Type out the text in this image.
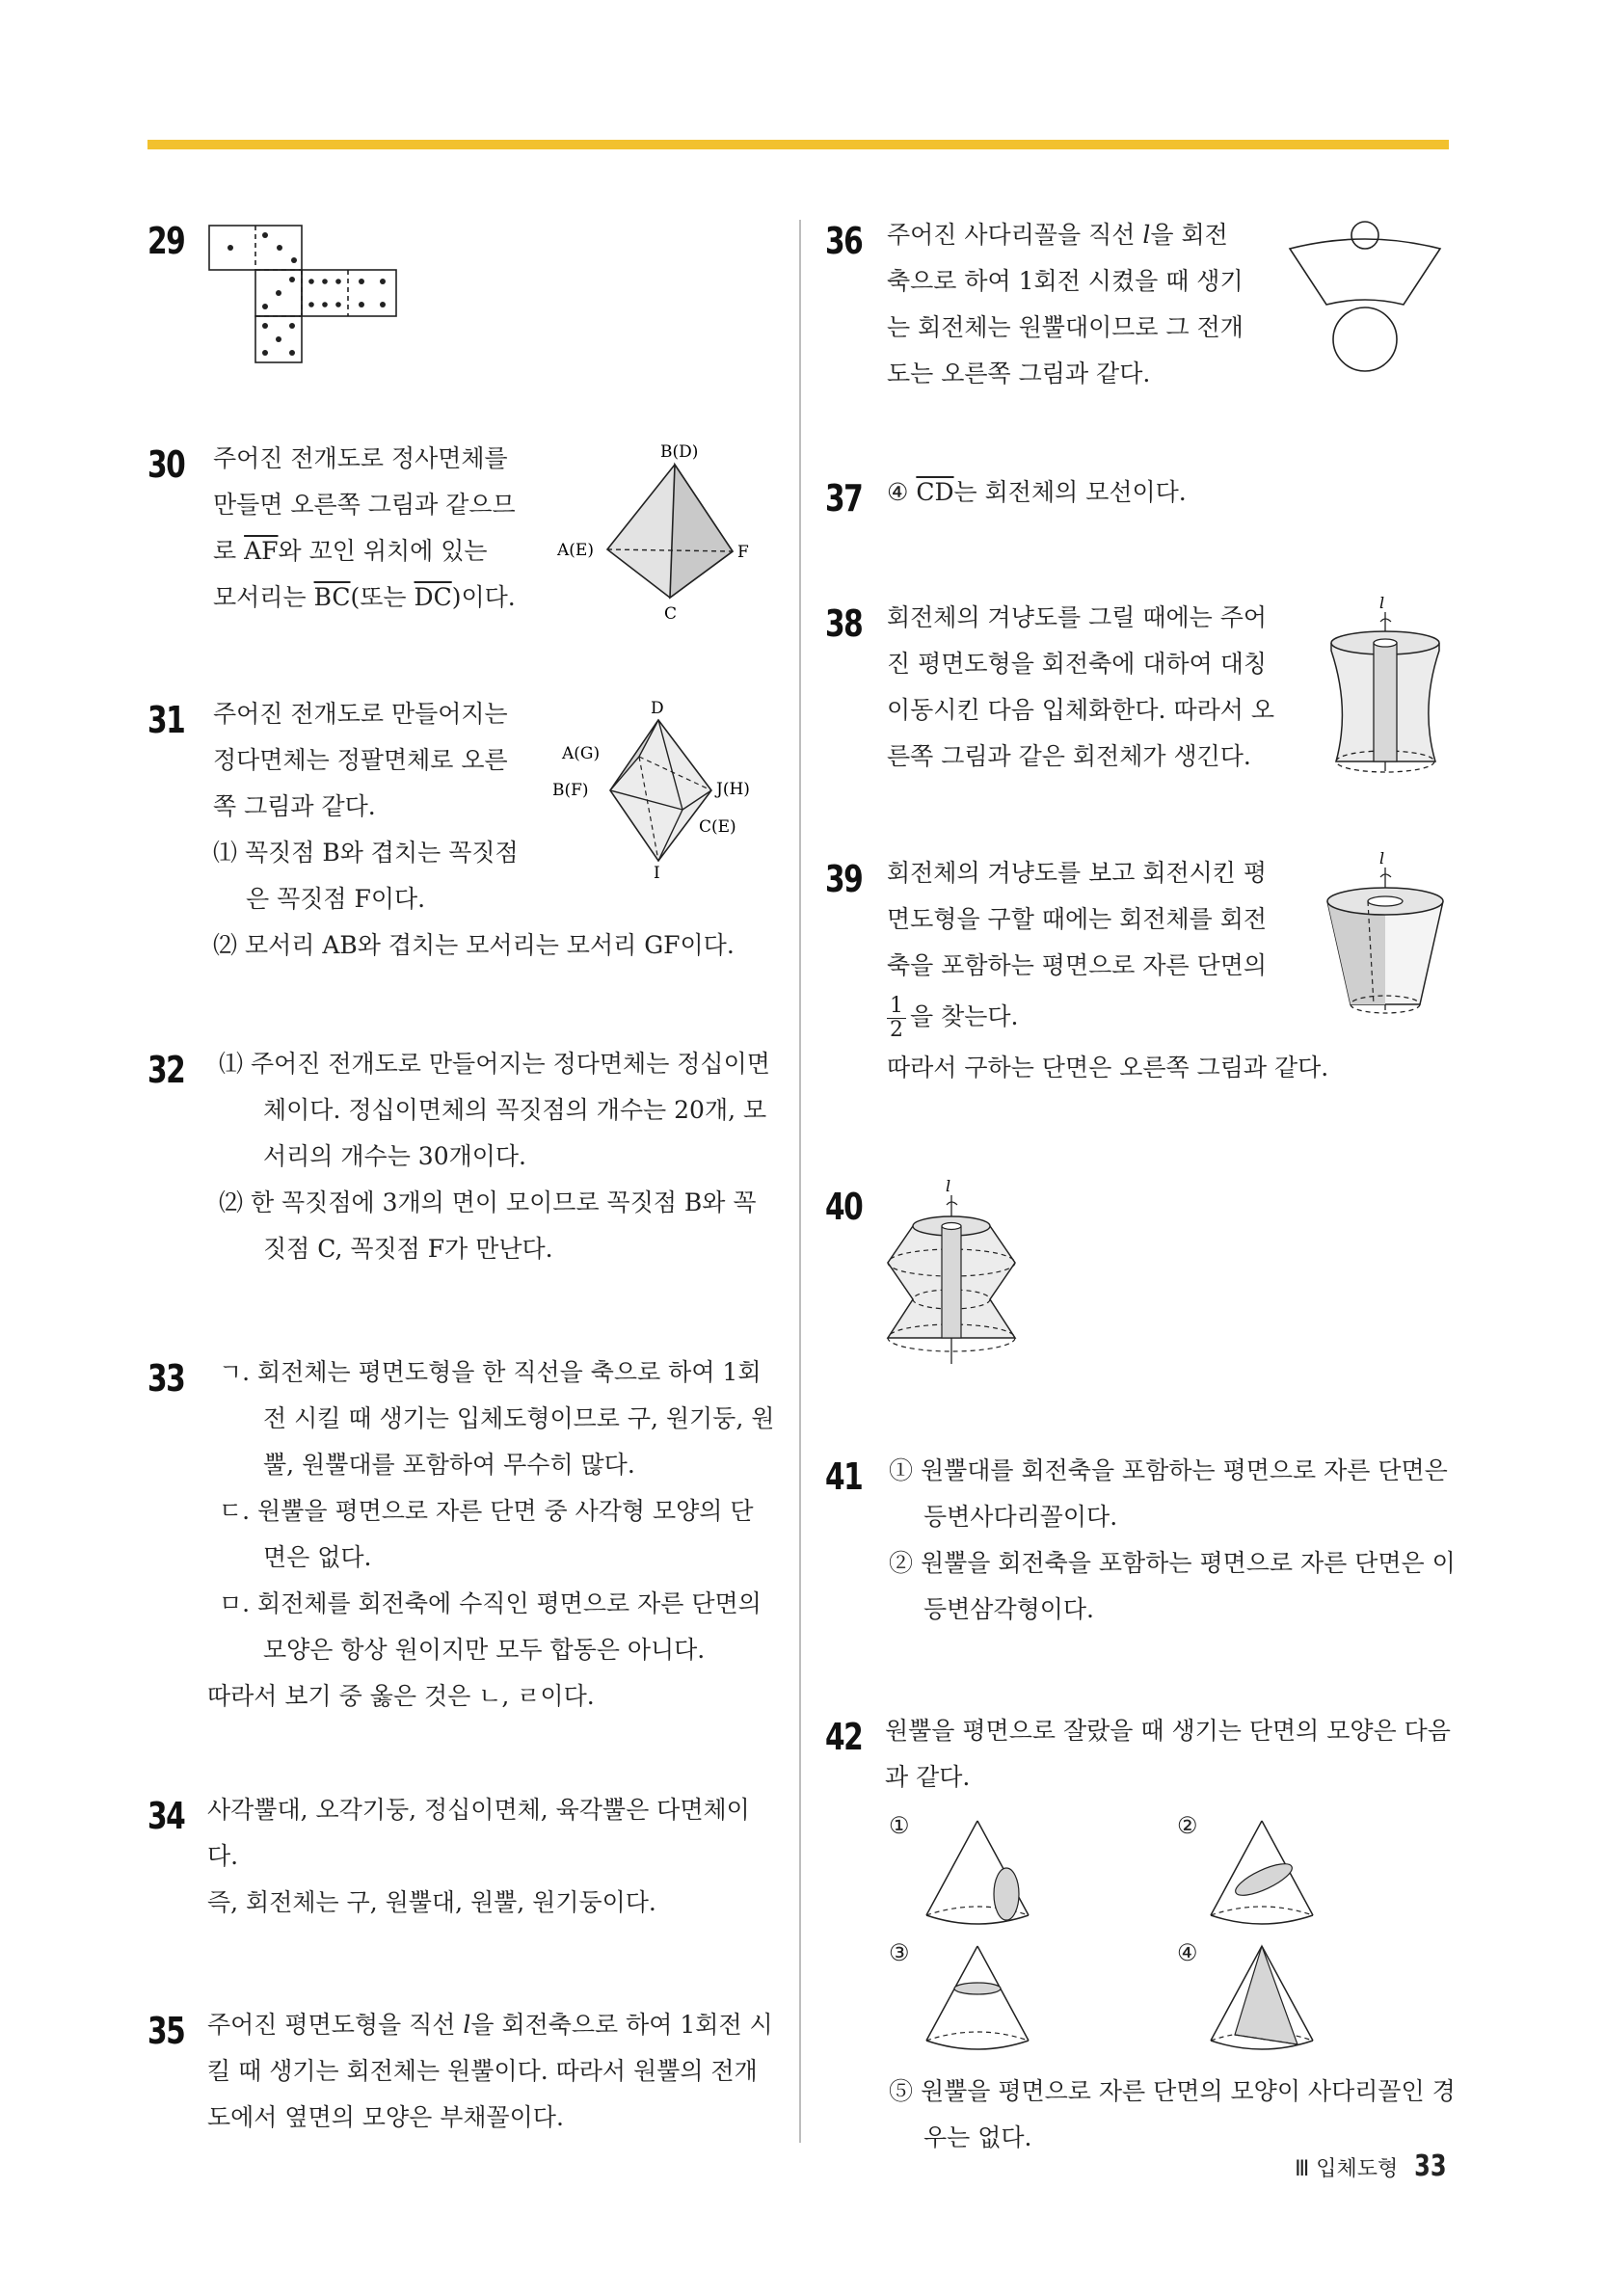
29
30 주어진 전개도로 정사면체를

만들면 오른쪽 그림과 같으므

로 $\overline{AF}$와 꼬인 위치에 있는

모서리는 $\overline{BC}$(또는 $\overline{DC}$)이다.

B(D)
A(E)	F
C
31 주어진 전개도로 만들어지는

정다면체는 정팔면체로 오른

쪽 그림과 같다.

⑴ 꼭짓점 B와 겹치는 꼭짓점

은 꼭짓점 F이다.

⑵ 모서리 AB와 겹치는 모서리는 모서리 GF이다.

D
A(G)
B(F)	J(H)
C(E)
I
32	⑴ 주어진 전개도로 만들어지는 정다면체는 정십이면체이다. 정십이면체의 꼭짓점의 개수는 20개, 모서리의 개수는 30개이다.

⑵ 한 꼭짓점에 3개의 면이 모이므로 꼭짓점 B와 꼭짓점 C, 꼭짓점 F가 만난다.

33	ㄱ. 회전체는 평면도형을 한 직선을 축으로 하여 1회전 시킬 때 생기는 입체도형이므로 구, 원기둥, 원뿔, 원뿔대를 포함하여 무수히 많다.

ㄷ. 원뿔을 평면으로 자른 단면 중 사각형 모양의 단면은 없다.

ㅁ. 회전체를 회전축에 수직인 평면으로 자른 단면의 모양은 항상 원이지만 모두 합동은 아니다.

따라서 보기 중 옳은 것은 ㄴ, ㄹ이다.

34 사각뿔대, 오각기둥, 정십이면체, 육각뿔은 다면체이다.

즉, 회전체는 구, 원뿔대, 원뿔, 원기둥이다.

35 주어진 평면도형을 직선 l을 회전축으로 하여 1회전 시킬 때 생기는 회전체는 원뿔이다. 따라서 원뿔의 전개도에서 옆면의 모양은 부채꼴이다.

36 주어진 사다리꼴을 직선 l을 회전

축으로 하여 1회전 시켰을 때 생기

는 회전체는 원뿔대이므로 그 전개

도는 오른쪽 그림과 같다.

37 ④ $\overline{CD}$는 회전체의 모선이다.

38 회전체의 겨냥도를 그릴 때에는 주어

진 평면도형을 회전축에 대하여 대칭

이동시킨 다음 입체화한다. 따라서 오

른쪽 그림과 같은 회전체가 생긴다.

l
39 회전체의 겨냥도를 보고 회전시킨 평

면도형을 구할 때에는 회전체를 회전

축을 포함하는 평면으로 자른 단면의

$\frac{1}{2}$ 을 찾는다.

따라서 구하는 단면은 오른쪽 그림과 같다.

l
40	l
41 ① 원뿔대를 회전축을 포함하는 평면으로 자른 단면은 등변사다리꼴이다.

② 원뿔을 회전축을 포함하는 평면으로 자른 단면은 이등변삼각형이다.

42 원뿔을 평면으로 잘랐을 때 생기는 단면의 모양은 다음과 같다.

①	②
③	④

⑤ 원뿔을 평면으로 자른 단면의 모양이 사다리꼴인 경우는 없다.

Ⅲ 입체도형 33
